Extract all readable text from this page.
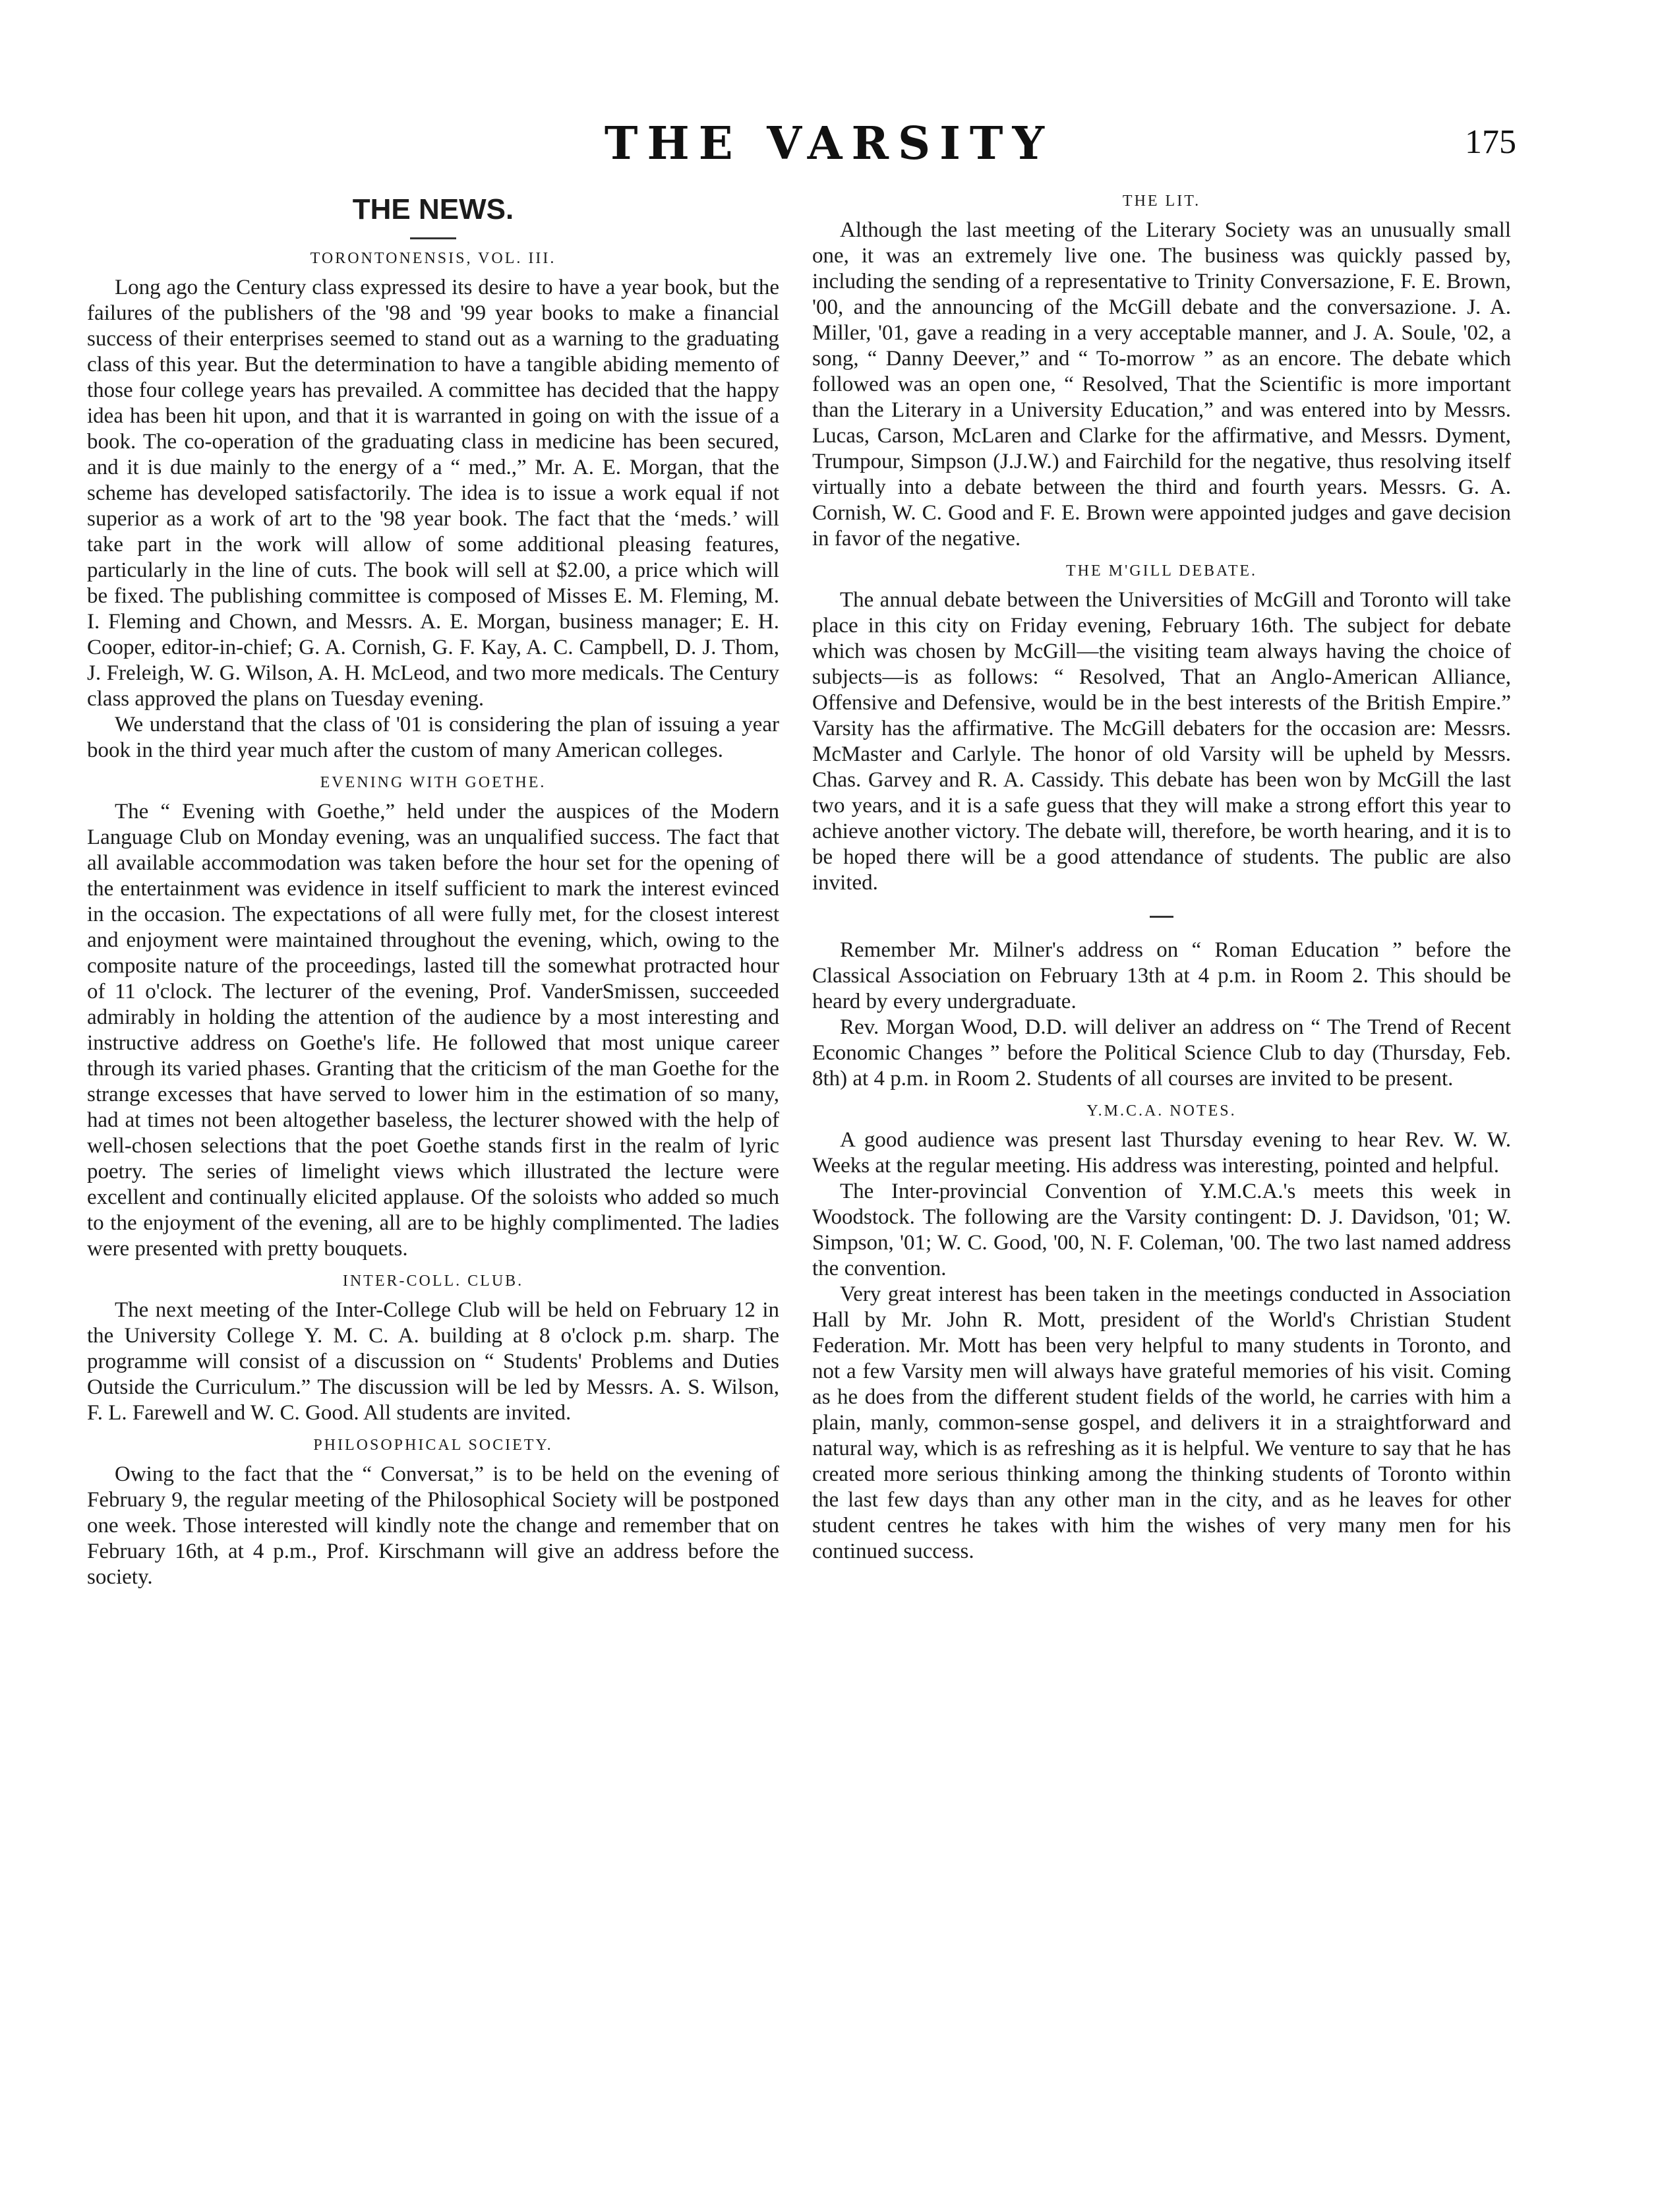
THE VARSITY	175
THE NEWS.
TORONTONENSIS, VOL. III.

Long ago the Century class expressed its desire to have a year book, but the failures of the publishers of the '98 and '99 year books to make a financial success of their enterprises seemed to stand out as a warning to the graduating class of this year. But the determination to have a tangible abiding memento of those four college years has prevailed. A committee has decided that the happy idea has been hit upon, and that it is warranted in going on with the issue of a book. The co-operation of the graduating class in medicine has been secured, and it is due mainly to the energy of a “ med.,” Mr. A. E. Morgan, that the scheme has developed satisfactorily. The idea is to issue a work equal if not superior as a work of art to the '98 year book. The fact that the ‘meds.’ will take part in the work will allow of some additional pleasing features, particularly in the line of cuts. The book will sell at $2.00, a price which will be fixed. The publishing committee is composed of Misses E. M. Fleming, M. I. Fleming and Chown, and Messrs. A. E. Morgan, business manager; E. H. Cooper, editor-in-chief; G. A. Cornish, G. F. Kay, A. C. Campbell, D. J. Thom, J. Freleigh, W. G. Wilson, A. H. McLeod, and two more medicals. The Century class approved the plans on Tuesday evening.

We understand that the class of '01 is considering the plan of issuing a year book in the third year much after the custom of many American colleges.

EVENING WITH GOETHE.

The “ Evening with Goethe,” held under the auspices of the Modern Language Club on Monday evening, was an unqualified success. The fact that all available accommodation was taken before the hour set for the opening of the entertainment was evidence in itself sufficient to mark the interest evinced in the occasion. The expectations of all were fully met, for the closest interest and enjoyment were maintained throughout the evening, which, owing to the composite nature of the proceedings, lasted till the somewhat protracted hour of 11 o'clock. The lecturer of the evening, Prof. VanderSmissen, succeeded admirably in holding the attention of the audience by a most interesting and instructive address on Goethe's life. He followed that most unique career through its varied phases. Granting that the criticism of the man Goethe for the strange excesses that have served to lower him in the estimation of so many, had at times not been altogether baseless, the lecturer showed with the help of well-chosen selections that the poet Goethe stands first in the realm of lyric poetry. The series of limelight views which illustrated the lecture were excellent and continually elicited applause. Of the soloists who added so much to the enjoyment of the evening, all are to be highly complimented. The ladies were presented with pretty bouquets.

INTER-COLL. CLUB.

The next meeting of the Inter-College Club will be held on February 12 in the University College Y. M. C. A. building at 8 o'clock p.m. sharp. The programme will consist of a discussion on “ Students' Problems and Duties Outside the Curriculum.” The discussion will be led by Messrs. A. S. Wilson, F. L. Farewell and W. C. Good. All students are invited.

PHILOSOPHICAL SOCIETY.

Owing to the fact that the “ Conversat,” is to be held on the evening of February 9, the regular meeting of the Philosophical Society will be postponed one week. Those interested will kindly note the change and remember that on February 16th, at 4 p.m., Prof. Kirschmann will give an address before the society.

THE LIT.

Although the last meeting of the Literary Society was an unusually small one, it was an extremely live one. The business was quickly passed by, including the sending of a representative to Trinity Conversazione, F. E. Brown, '00, and the announcing of the McGill debate and the conversazione. J. A. Miller, '01, gave a reading in a very acceptable manner, and J. A. Soule, '02, a song, “ Danny Deever,” and “ To-morrow ” as an encore. The debate which followed was an open one, “ Resolved, That the Scientific is more important than the Literary in a University Education,” and was entered into by Messrs. Lucas, Carson, McLaren and Clarke for the affirmative, and Messrs. Dyment, Trumpour, Simpson (J.J.W.) and Fairchild for the negative, thus resolving itself virtually into a debate between the third and fourth years. Messrs. G. A. Cornish, W. C. Good and F. E. Brown were appointed judges and gave decision in favor of the negative.

THE M'GILL DEBATE.

The annual debate between the Universities of McGill and Toronto will take place in this city on Friday evening, February 16th. The subject for debate which was chosen by McGill—the visiting team always having the choice of subjects—is as follows: “ Resolved, That an Anglo-American Alliance, Offensive and Defensive, would be in the best interests of the British Empire.” Varsity has the affirmative. The McGill debaters for the occasion are: Messrs. McMaster and Carlyle. The honor of old Varsity will be upheld by Messrs. Chas. Garvey and R. A. Cassidy. This debate has been won by McGill the last two years, and it is a safe guess that they will make a strong effort this year to achieve another victory. The debate will, therefore, be worth hearing, and it is to be hoped there will be a good attendance of students. The public are also invited.

Remember Mr. Milner's address on “ Roman Education ” before the Classical Association on February 13th at 4 p.m. in Room 2. This should be heard by every undergraduate.

Rev. Morgan Wood, D.D. will deliver an address on “ The Trend of Recent Economic Changes ” before the Political Science Club to day (Thursday, Feb. 8th) at 4 p.m. in Room 2. Students of all courses are invited to be present.

Y.M.C.A. NOTES.

A good audience was present last Thursday evening to hear Rev. W. W. Weeks at the regular meeting. His address was interesting, pointed and helpful.

The Inter-provincial Convention of Y.M.C.A.'s meets this week in Woodstock. The following are the Varsity contingent: D. J. Davidson, '01; W. Simpson, '01; W. C. Good, '00, N. F. Coleman, '00. The two last named address the convention.

Very great interest has been taken in the meetings conducted in Association Hall by Mr. John R. Mott, president of the World's Christian Student Federation. Mr. Mott has been very helpful to many students in Toronto, and not a few Varsity men will always have grateful memories of his visit. Coming as he does from the different student fields of the world, he carries with him a plain, manly, common-sense gospel, and delivers it in a straightforward and natural way, which is as refreshing as it is helpful. We venture to say that he has created more serious thinking among the thinking students of Toronto within the last few days than any other man in the city, and as he leaves for other student centres he takes with him the wishes of very many men for his continued success.
